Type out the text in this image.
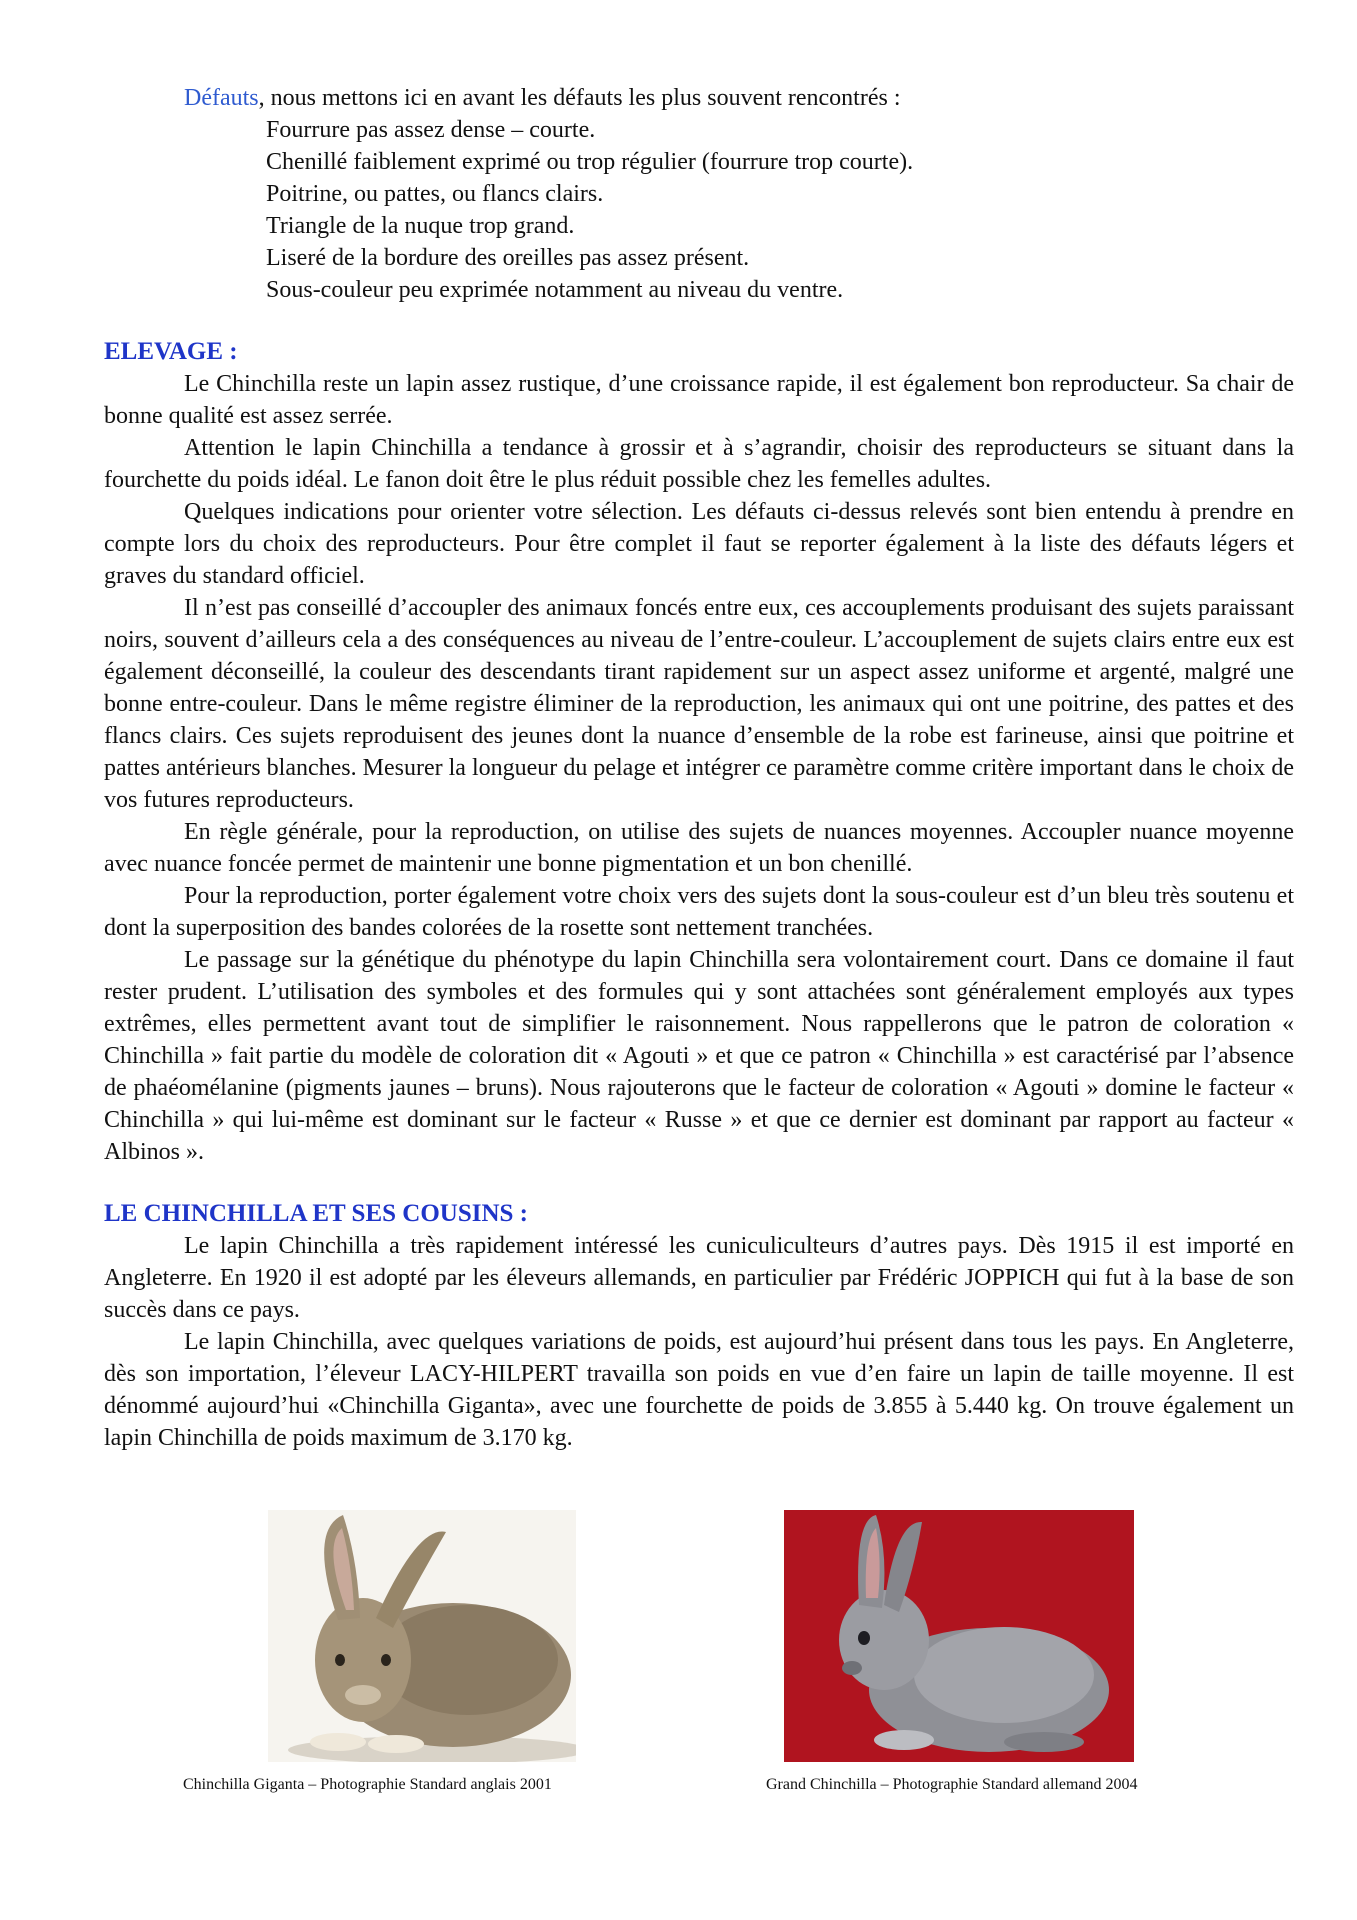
Défauts, nous mettons ici en avant les défauts les plus souvent rencontrés :
Fourrure pas assez dense – courte.
Chenillé faiblement exprimé ou trop régulier (fourrure trop courte).
Poitrine, ou pattes, ou flancs clairs.
Triangle de la nuque trop grand.
Liseré de la bordure des oreilles pas assez présent.
Sous-couleur peu exprimée notamment au niveau du ventre.
ELEVAGE :

Le Chinchilla reste un lapin assez rustique, d’une croissance rapide, il est également bon reproducteur. Sa chair de bonne qualité est assez serrée.

Attention le lapin Chinchilla a tendance à grossir et à s’agrandir, choisir des reproducteurs se situant dans la fourchette du poids idéal. Le fanon doit être le plus réduit possible chez les femelles adultes.

Quelques indications pour orienter votre sélection. Les défauts ci-dessus relevés sont bien entendu à prendre en compte lors du choix des reproducteurs. Pour être complet il faut se reporter également à la liste des défauts légers et graves du standard officiel.

Il n’est pas conseillé d’accoupler des animaux foncés entre eux, ces accouplements produisant des sujets paraissant noirs, souvent d’ailleurs cela a des conséquences au niveau de l’entre-couleur. L’accouplement de sujets clairs entre eux est également déconseillé, la couleur des descendants tirant rapidement sur un aspect assez uniforme et argenté, malgré une bonne entre-couleur. Dans le même registre éliminer de la reproduction, les animaux qui ont une poitrine, des pattes et des flancs clairs. Ces sujets reproduisent des jeunes dont la nuance d’ensemble de la robe est farineuse, ainsi que poitrine et pattes antérieurs blanches. Mesurer la longueur du pelage et intégrer ce paramètre comme critère important dans le choix de vos futures reproducteurs.

En règle générale, pour la reproduction, on utilise des sujets de nuances moyennes. Accoupler nuance moyenne avec nuance foncée permet de maintenir une bonne pigmentation et un bon chenillé.

Pour la reproduction, porter également votre choix vers des sujets dont la sous-couleur est d’un bleu très soutenu et dont la superposition des bandes colorées de la rosette sont nettement tranchées.

Le passage sur la génétique du phénotype du lapin Chinchilla sera volontairement court. Dans ce domaine il faut rester prudent. L’utilisation des symboles et des formules qui y sont attachées sont généralement employés aux types extrêmes, elles permettent avant tout de simplifier le raisonnement. Nous rappellerons que le patron de coloration « Chinchilla » fait partie du modèle de coloration dit « Agouti » et que ce patron « Chinchilla » est caractérisé par l’absence de phaéomélanine (pigments jaunes – bruns). Nous rajouterons que le facteur de coloration « Agouti » domine le facteur « Chinchilla » qui lui-même est dominant sur le facteur « Russe » et que ce dernier est dominant par rapport au facteur « Albinos ».

LE CHINCHILLA ET SES COUSINS :

Le lapin Chinchilla a très rapidement intéressé les cuniculiculteurs d’autres pays. Dès 1915 il est importé en Angleterre. En 1920 il est adopté par les éleveurs allemands, en particulier par Frédéric JOPPICH qui fut à la base de son succès dans ce pays.

Le lapin Chinchilla, avec quelques variations de poids, est aujourd’hui présent dans tous les pays. En Angleterre, dès son importation, l’éleveur LACY-HILPERT travailla son poids en vue d’en faire un lapin de taille moyenne. Il est dénommé aujourd’hui «Chinchilla Giganta», avec une fourchette de poids de 3.855 à 5.440 kg. On trouve également un lapin Chinchilla de poids maximum de 3.170 kg.

Chinchilla Giganta – Photographie Standard anglais 2001	Grand Chinchilla – Photographie Standard allemand 2004
